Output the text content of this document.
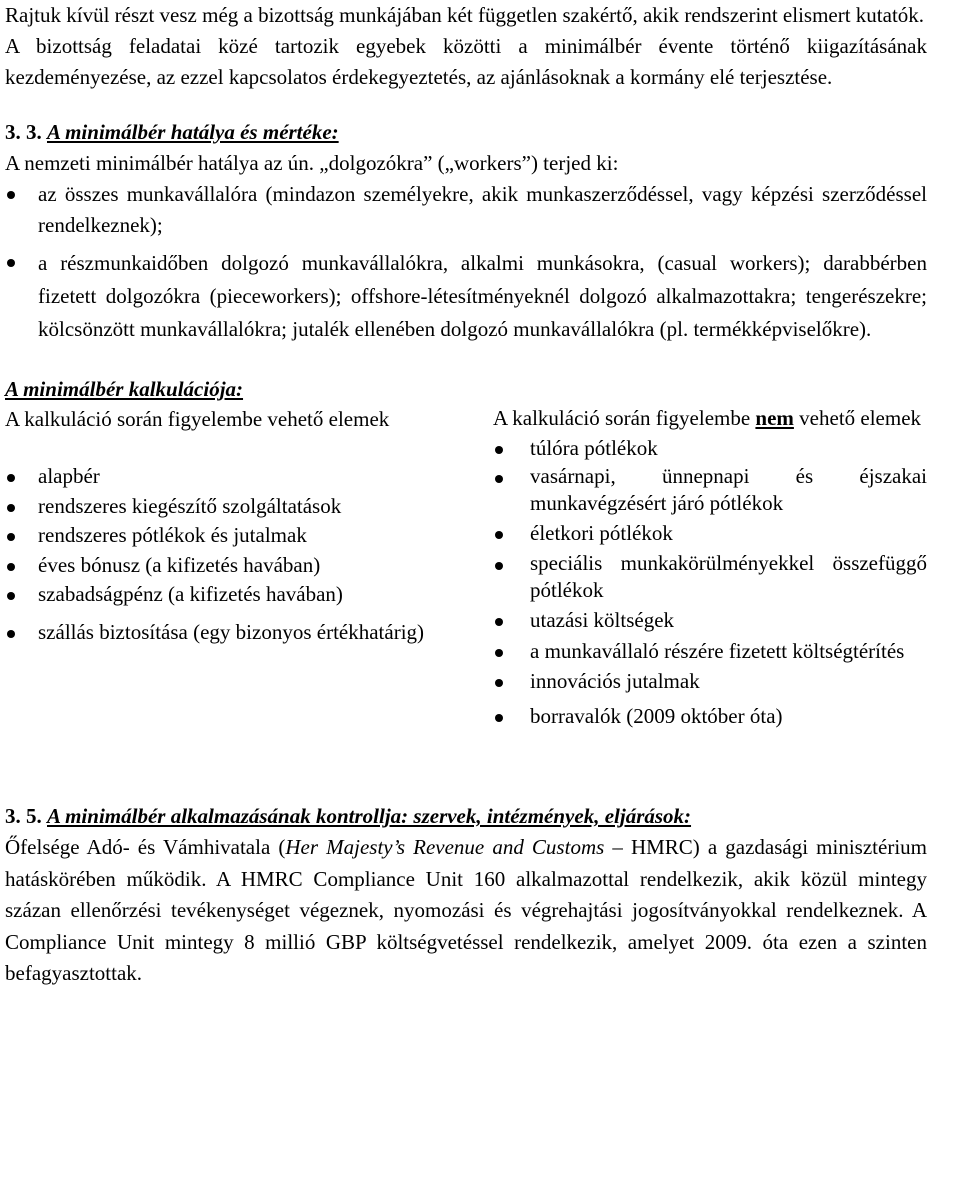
Rajtuk kívül részt vesz még a bizottság munkájában két független szakértő, akik rendszerint elismert kutatók.

A bizottság feladatai közé tartozik egyebek közötti a minimálbér évente történő kiigazításának kezdeményezése, az ezzel kapcsolatos érdekegyeztetés, az ajánlásoknak a kormány elé terjesztése.

3. 3. A minimálbér hatálya és mértéke:

A nemzeti minimálbér hatálya az ún. „dolgozókra” („workers”) terjed ki:

az összes munkavállalóra (mindazon személyekre, akik munkaszerződéssel, vagy képzési szerződéssel rendelkeznek);
a részmunkaidőben dolgozó munkavállalókra, alkalmi munkásokra, (casual workers); darabbérben fizetett dolgozókra (pieceworkers); offshore-létesítményeknél dolgozó alkalmazottakra; tengerészekre; kölcsönzött munkavállalókra; jutalék ellenében dolgozó munkavállalókra (pl. termékképviselőkre).

A minimálbér kalkulációja:

A kalkuláció során figyelembe vehető elemek

alapbér
rendszeres kiegészítő szolgáltatások
rendszeres pótlékok és jutalmak
éves bónusz (a kifizetés havában)
szabadságpénz (a kifizetés havában)
szállás biztosítása (egy bizonyos értékhatárig)

A kalkuláció során figyelembe nem vehető elemek

túlóra pótlékok
vasárnapi, ünnepnapi és éjszakai munkavégzésért járó pótlékok
életkori pótlékok
speciális munkakörülményekkel összefüggő pótlékok
utazási költségek
a munkavállaló részére fizetett költségtérítés
innovációs jutalmak
borravalók (2009 október óta)

3. 5. A minimálbér alkalmazásának kontrollja: szervek, intézmények, eljárások:

Őfelsége Adó- és Vámhivatala (Her Majesty’s Revenue and Customs – HMRC) a gazdasági minisztérium hatáskörében működik. A HMRC Compliance Unit 160 alkalmazottal rendelkezik, akik közül mintegy százan ellenőrzési tevékenységet végeznek, nyomozási és végrehajtási jogosítványokkal rendelkeznek. A Compliance Unit mintegy 8 millió GBP költségvetéssel rendelkezik, amelyet 2009. óta ezen a szinten befagyasztottak.
